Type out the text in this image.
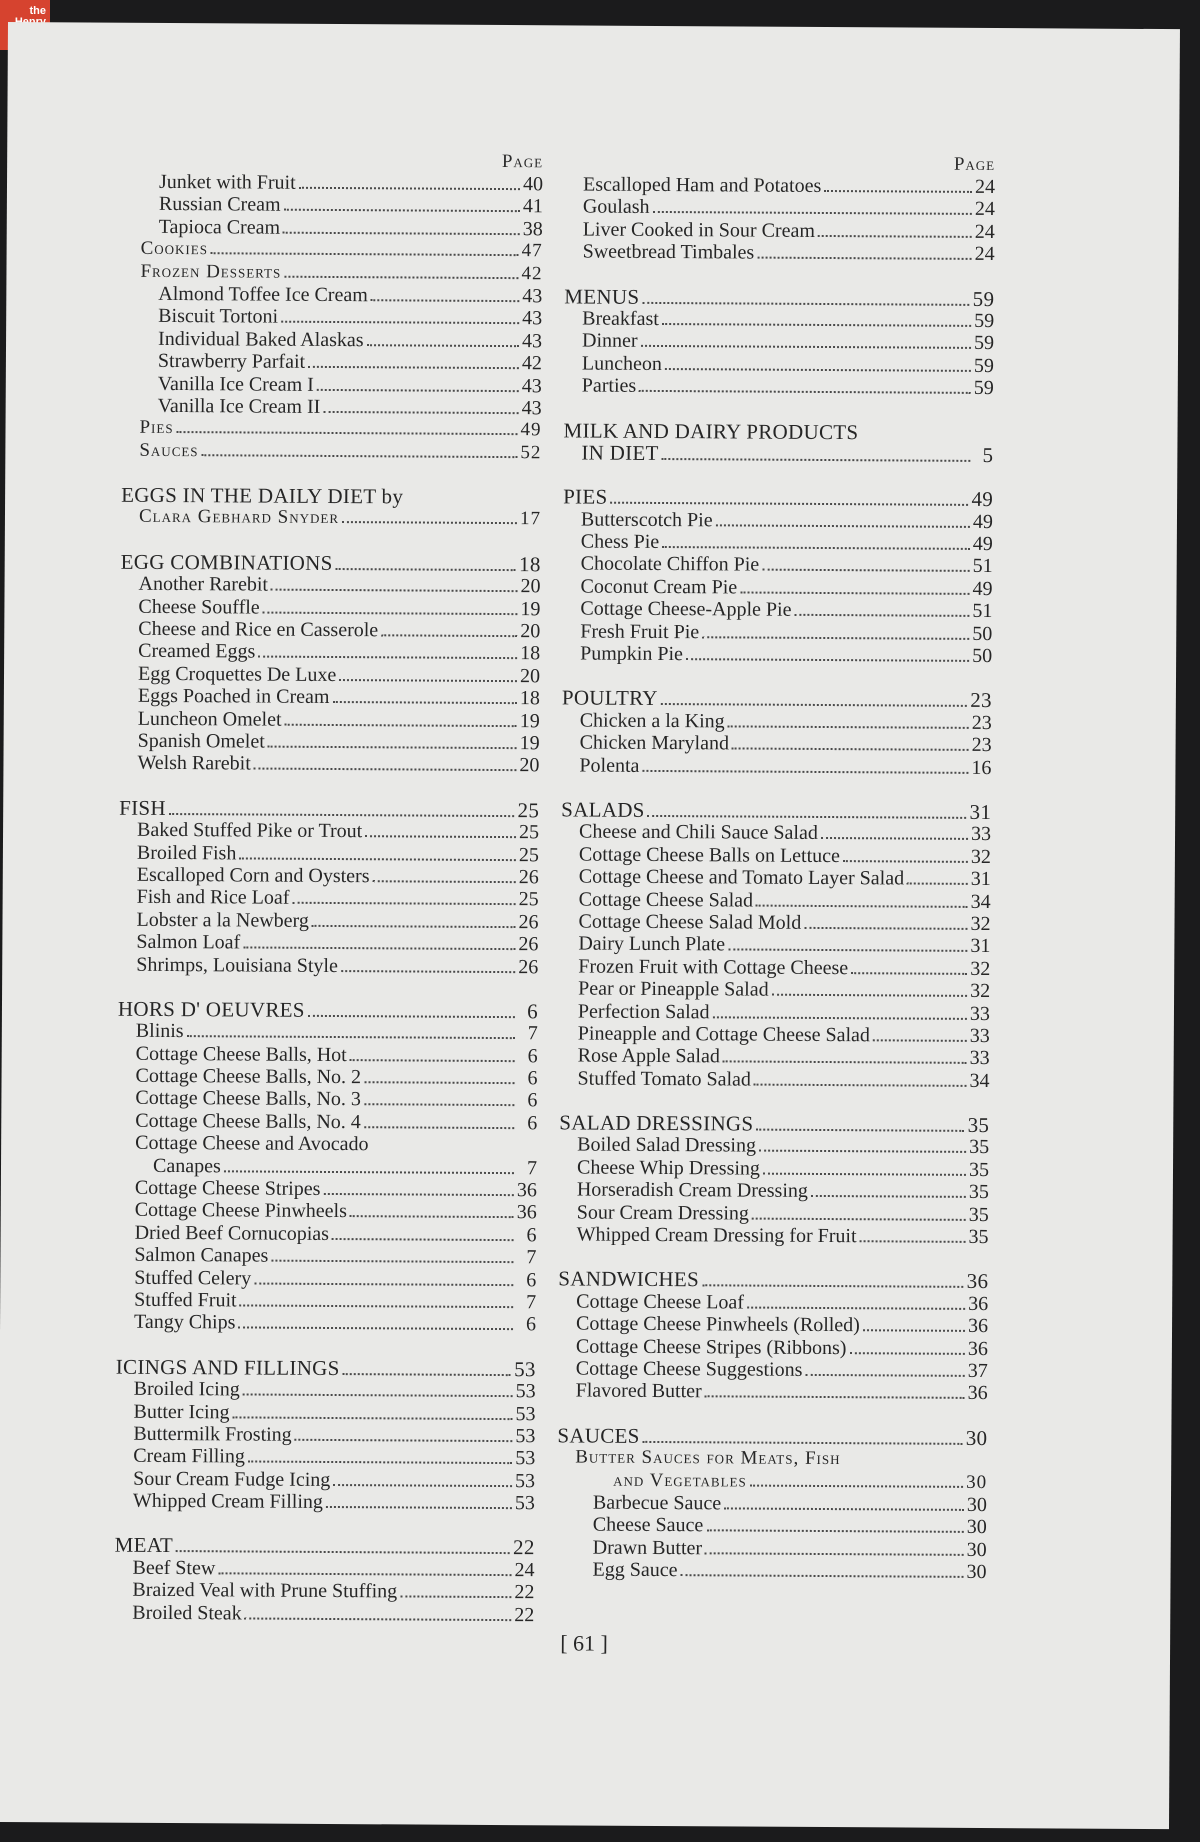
the
Page
Junket with Fruit	40
Russian Cream	41
Tapioca Cream	38
Cookies	47
Frozen Desserts	42
Almond Toffee Ice Cream	43
Biscuit Tortoni	43
Individual Baked Alaskas	43
Strawberry Parfait	42
Vanilla Ice Cream I	43
Vanilla Ice Cream II	43
Pies	49
Sauces	52
EGGS IN THE DAILY DIET by
Clara Gebhard Snyder	17
EGG COMBINATIONS	18
Another Rarebit	20
Cheese Souffle	19
Cheese and Rice en Casserole	20
Creamed Eggs	18
Egg Croquettes De Luxe	20
Eggs Poached in Cream	18
Luncheon Omelet	19
Spanish Omelet	19
Welsh Rarebit	20
FISH	25
Baked Stuffed Pike or Trout	25
Broiled Fish	25
Escalloped Corn and Oysters	26
Fish and Rice Loaf	25
Lobster a la Newberg	26
Salmon Loaf	26
Shrimps, Louisiana Style	26
HORS D' OEUVRES	6
Blinis	7
Cottage Cheese Balls, Hot	6
Cottage Cheese Balls, No. 2	6
Cottage Cheese Balls, No. 3	6
Cottage Cheese Balls, No. 4	6
Cottage Cheese and Avocado
Canapes	7
Cottage Cheese Stripes	36
Cottage Cheese Pinwheels	36
Dried Beef Cornucopias	6
Salmon Canapes	7
Stuffed Celery	6
Stuffed Fruit	7
Tangy Chips	6
ICINGS AND FILLINGS	53
Broiled Icing	53
Butter Icing	53
Buttermilk Frosting	53
Cream Filling	53
Sour Cream Fudge Icing	53
Whipped Cream Filling	53
MEAT	22
Beef Stew	24
Braized Veal with Prune Stuffing	22
Broiled Steak	22
Page
Escalloped Ham and Potatoes	24
Goulash	24
Liver Cooked in Sour Cream	24
Sweetbread Timbales	24
MENUS	59
Breakfast	59
Dinner	59
Luncheon	59
Parties	59
MILK AND DAIRY PRODUCTS
IN DIET	5
PIES	49
Butterscotch Pie	49
Chess Pie	49
Chocolate Chiffon Pie	51
Coconut Cream Pie	49
Cottage Cheese-Apple Pie	51
Fresh Fruit Pie	50
Pumpkin Pie	50
POULTRY	23
Chicken a la King	23
Chicken Maryland	23
Polenta	16
SALADS	31
Cheese and Chili Sauce Salad	33
Cottage Cheese Balls on Lettuce	32
Cottage Cheese and Tomato Layer Salad	31
Cottage Cheese Salad	34
Cottage Cheese Salad Mold	32
Dairy Lunch Plate	31
Frozen Fruit with Cottage Cheese	32
Pear or Pineapple Salad	32
Perfection Salad	33
Pineapple and Cottage Cheese Salad	33
Rose Apple Salad	33
Stuffed Tomato Salad	34
SALAD DRESSINGS	35
Boiled Salad Dressing	35
Cheese Whip Dressing	35
Horseradish Cream Dressing	35
Sour Cream Dressing	35
Whipped Cream Dressing for Fruit	35
SANDWICHES	36
Cottage Cheese Loaf	36
Cottage Cheese Pinwheels (Rolled)	36
Cottage Cheese Stripes (Ribbons)	36
Cottage Cheese Suggestions	37
Flavored Butter	36
SAUCES	30
Butter Sauces for Meats, Fish
and Vegetables	30
Barbecue Sauce	30
Cheese Sauce	30
Drawn Butter	30
Egg Sauce	30
[ 61 ]
